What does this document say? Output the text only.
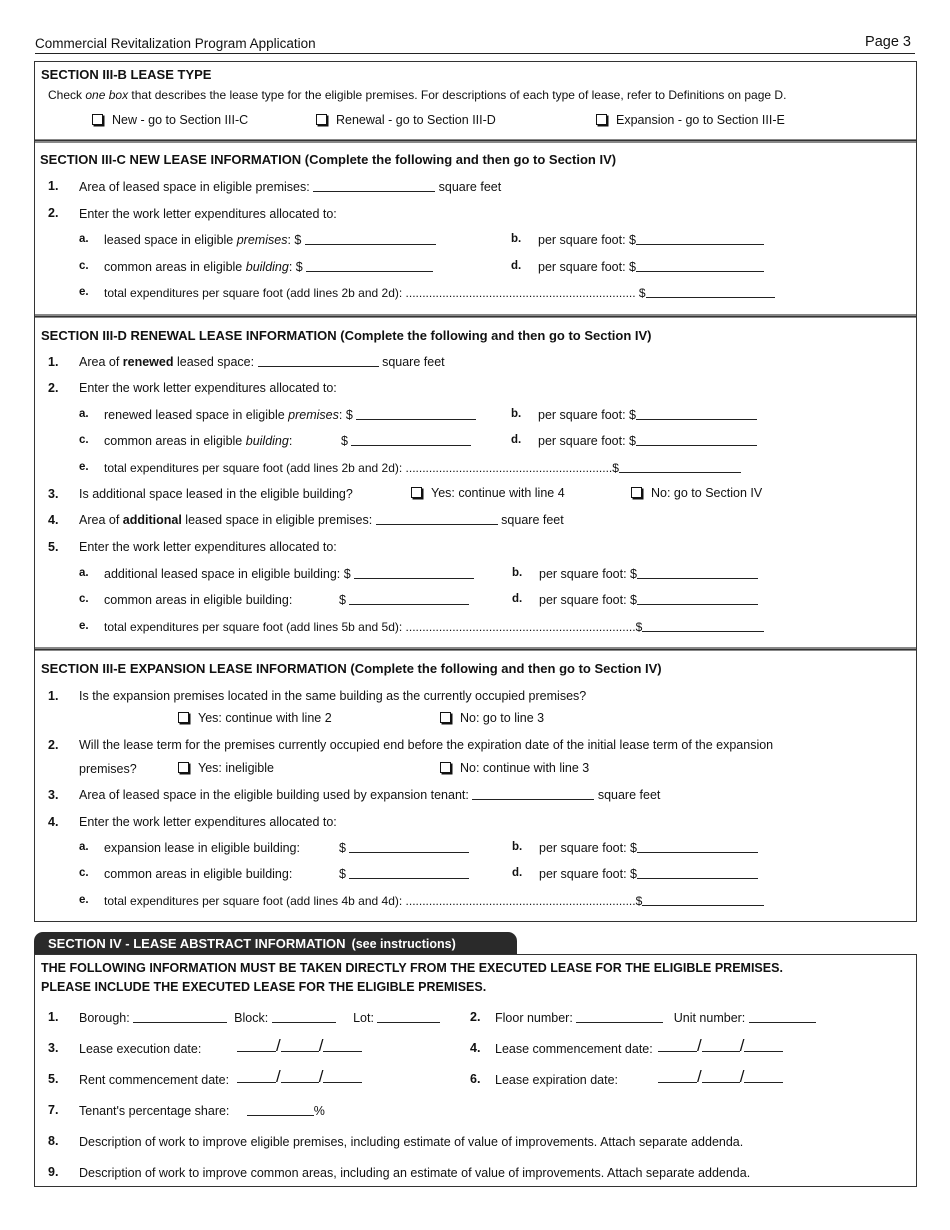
Commercial Revitalization Program Application	Page 3
SECTION III-B LEASE TYPE
Check one box that describes the lease type for the eligible premises. For descriptions of each type of lease, refer to Definitions on page D.
New - go to Section III-C	Renewal - go to Section III-D	Expansion - go to Section III-E
SECTION III-C NEW LEASE INFORMATION (Complete the following and then go to Section IV)
1. Area of leased space in eligible premises:	square feet
2. Enter the work letter expenditures allocated to:
a. leased space in eligible premises: $	b. per square foot: $
c. common areas in eligible building: $	d. per square foot: $
e. total expenditures per square foot (add lines 2b and 2d): ..................................................................... $
SECTION III-D RENEWAL LEASE INFORMATION (Complete the following and then go to Section IV)
1. Area of renewed leased space:	square feet
2. Enter the work letter expenditures allocated to:
a. renewed leased space in eligible premises: $	b. per square foot: $
c. common areas in eligible building:	$	d. per square foot: $
e. total expenditures per square foot (add lines 2b and 2d): ..............................................................$
3. Is additional space leased in the eligible building?	Yes: continue with line 4	No: go to Section IV
4. Area of additional leased space in eligible premises:	square feet
5. Enter the work letter expenditures allocated to:
a. additional leased space in eligible building: $	b. per square foot: $
c. common areas in eligible building:	$	d. per square foot: $
e. total expenditures per square foot (add lines 5b and 5d): .....................................................................$
SECTION III-E EXPANSION LEASE INFORMATION (Complete the following and then go to Section IV)
1. Is the expansion premises located in the same building as the currently occupied premises?
Yes: continue with line 2	No: go to line 3
2. Will the lease term for the premises currently occupied end before the expiration date of the initial lease term of the expansion
premises?	Yes: ineligible	No: continue with line 3
3. Area of leased space in the eligible building used by expansion tenant:	square feet
4. Enter the work letter expenditures allocated to:
a. expansion lease in eligible building:	$	b. per square foot: $
c. common areas in eligible building:	$	d. per square foot: $
e. total expenditures per square foot (add lines 4b and 4d): .....................................................................$
SECTION IV - LEASE ABSTRACT INFORMATION (see instructions)
THE FOLLOWING INFORMATION MUST BE TAKEN DIRECTLY FROM THE EXECUTED LEASE FOR THE ELIGIBLE PREMISES.
PLEASE INCLUDE THE EXECUTED LEASE FOR THE ELIGIBLE PREMISES.
1. Borough:	Block:	Lot:	2. Floor number:	Unit number:
3. Lease execution date:	/ /	4. Lease commencement date:	/ /
5. Rent commencement date:	/ /	6. Lease expiration date:	/ /
7. Tenant's percentage share:	%
8. Description of work to improve eligible premises, including estimate of value of improvements. Attach separate addenda.
9. Description of work to improve common areas, including an estimate of value of improvements. Attach separate addenda.
